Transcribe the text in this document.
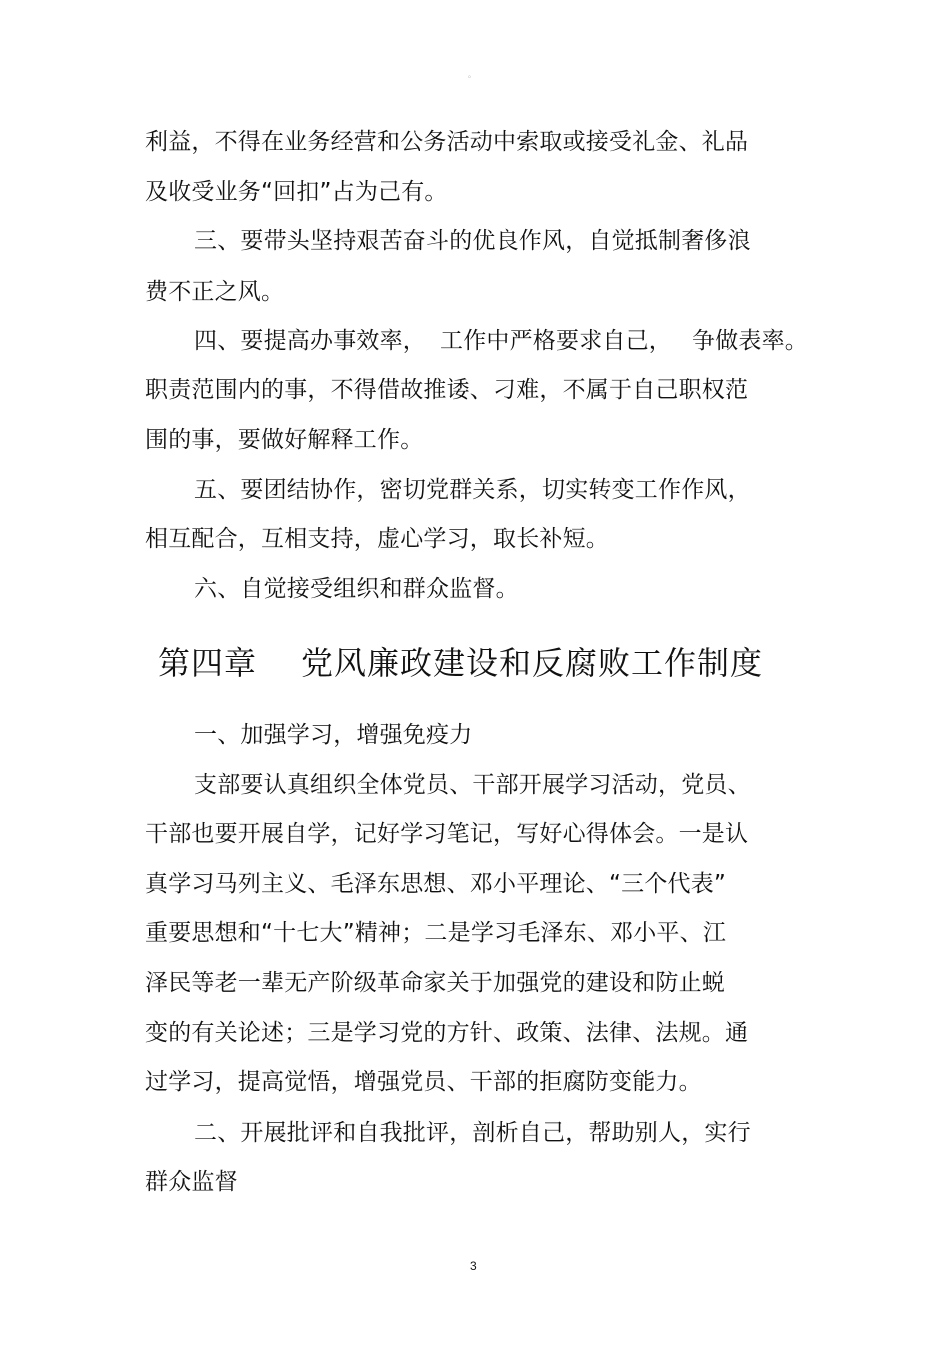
。
利益，不得在业务经营和公务活动中索取或接受礼金、礼品
及收受业务“回扣”占为己有。
三、要带头坚持艰苦奋斗的优良作风，自觉抵制奢侈浪
费不正之风。
四、要提高办事效率， 工作中严格要求自己， 争做表率。
职责范围内的事，不得借故推诿、刁难，不属于自己职权范
围的事，要做好解释工作。
五、要团结协作，密切党群关系，切实转变工作作风，
相互配合，互相支持，虚心学习，取长补短。
六、自觉接受组织和群众监督。
第四章 党风廉政建设和反腐败工作制度
一、加强学习，增强免疫力
支部要认真组织全体党员、干部开展学习活动，党员、
干部也要开展自学，记好学习笔记，写好心得体会。一是认
真学习马列主义、毛泽东思想、邓小平理论、“三个代表”
重要思想和“十七大”精神；二是学习毛泽东、邓小平、江
泽民等老一辈无产阶级革命家关于加强党的建设和防止蜕
变的有关论述；三是学习党的方针、政策、法律、法规。通
过学习，提高觉悟，增强党员、干部的拒腐防变能力。
二、开展批评和自我批评，剖析自己，帮助别人，实行
群众监督
3
